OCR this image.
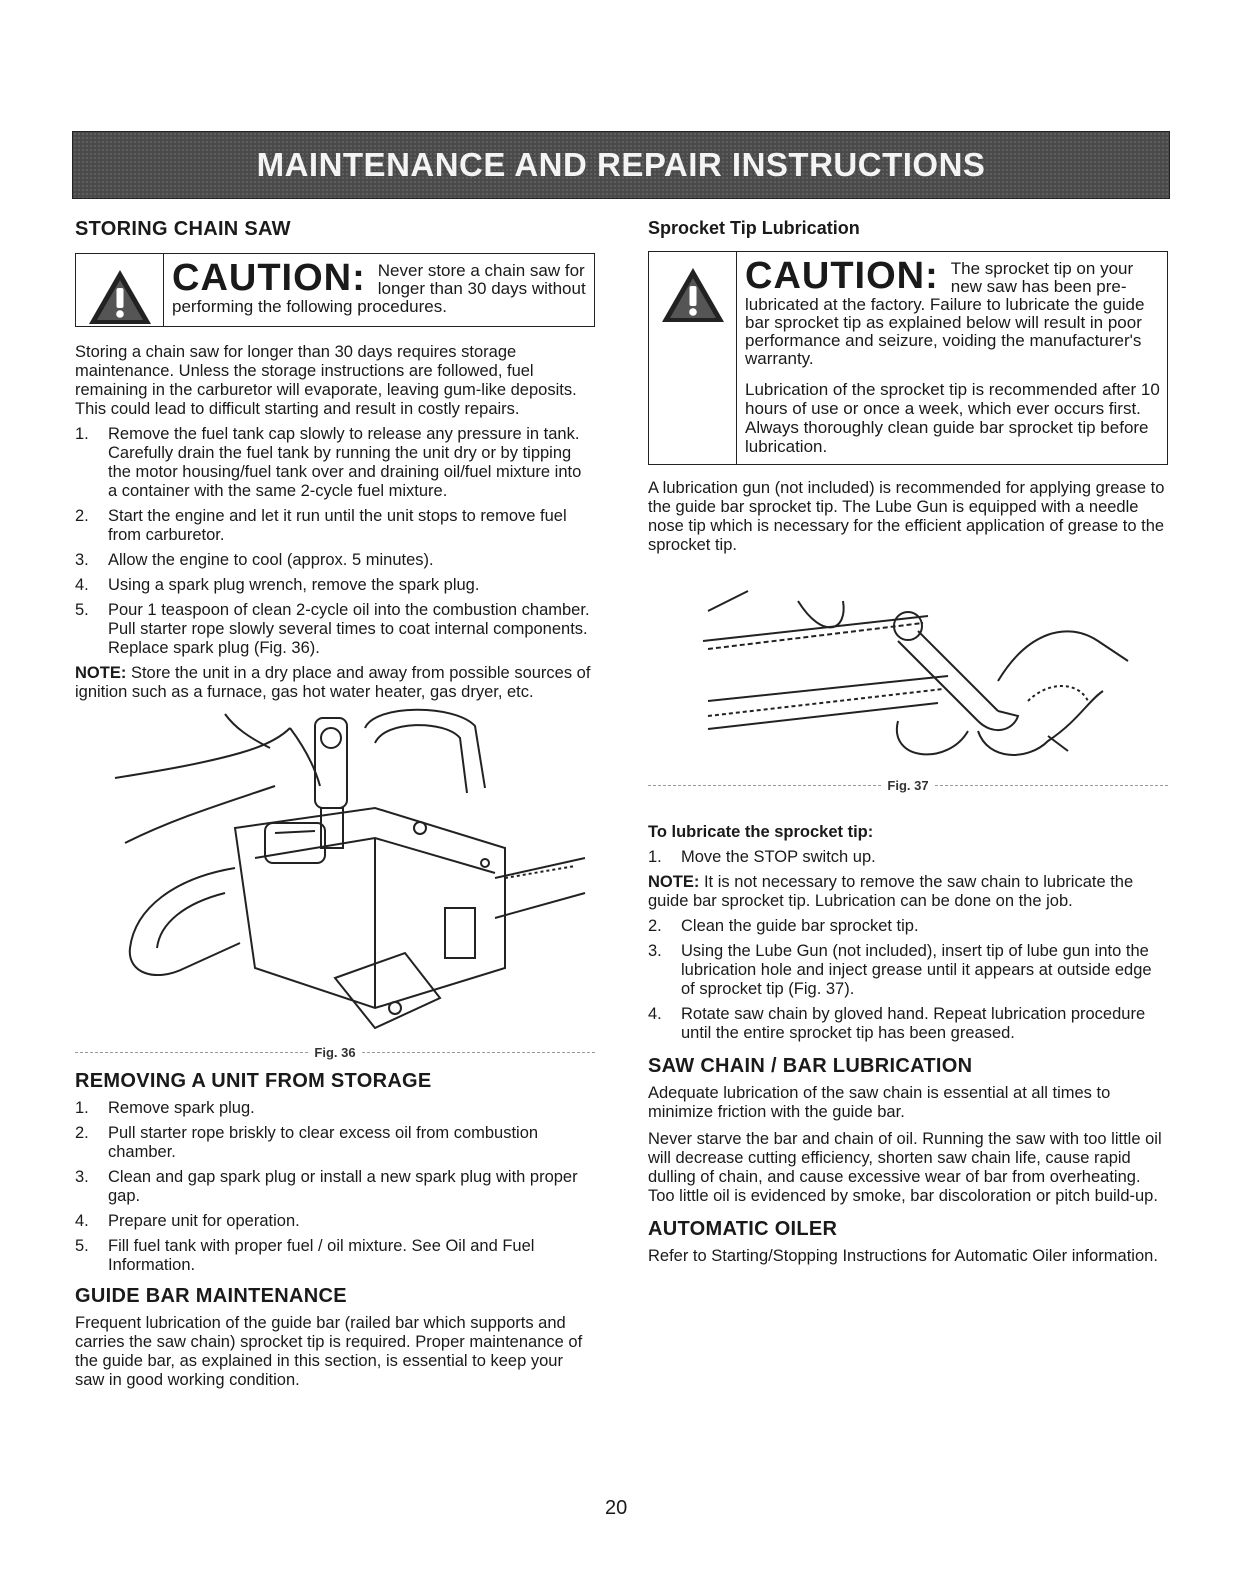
MAINTENANCE AND REPAIR INSTRUCTIONS
STORING CHAIN SAW
CAUTION: Never store a chain saw for longer than 30 days without performing the following procedures.

Storing a chain saw for longer than 30 days requires storage maintenance. Unless the storage instructions are followed, fuel remaining in the carburetor will evaporate, leaving gum-like deposits. This could lead to difficult starting and result in costly repairs.

1.	Remove the fuel tank cap slowly to release any pressure in tank. Carefully drain the fuel tank by running the unit dry or by tipping the motor housing/fuel tank over and draining oil/fuel mixture into a container with the same 2-cycle fuel mixture.
2.	Start the engine and let it run until the unit stops to remove fuel from carburetor.
3.	Allow the engine to cool (approx. 5 minutes).
4.	Using a spark plug wrench, remove the spark plug.
5.	Pour 1 teaspoon of clean 2-cycle oil into the combustion chamber. Pull starter rope slowly several times to coat internal components. Replace spark plug (Fig. 36).

NOTE: Store the unit in a dry place and away from possible sources of ignition such as a furnace, gas hot water heater, gas dryer, etc.

Fig. 36
REMOVING A UNIT FROM STORAGE
1.	Remove spark plug.
2.	Pull starter rope briskly to clear excess oil from combustion chamber.
3.	Clean and gap spark plug or install a new spark plug with proper gap.
4.	Prepare unit for operation.
5.	Fill fuel tank with proper fuel / oil mixture. See Oil and Fuel Information.
GUIDE BAR MAINTENANCE

Frequent lubrication of the guide bar (railed bar which supports and carries the saw chain) sprocket tip is required. Proper maintenance of the guide bar, as explained in this section, is essential to keep your saw in good working condition.

Sprocket Tip Lubrication
CAUTION: The sprocket tip on your new saw has been pre-lubricated at the factory. Failure to lubricate the guide bar sprocket tip as explained below will result in poor performance and seizure, voiding the manufacturer's warranty.
Lubrication of the sprocket tip is recommended after 10 hours of use or once a week, which ever occurs first. Always thoroughly clean guide bar sprocket tip before lubrication.

A lubrication gun (not included) is recommended for applying grease to the guide bar sprocket tip. The Lube Gun is equipped with a needle nose tip which is necessary for the efficient application of grease to the sprocket tip.

Fig. 37
To lubricate the sprocket tip:
1.	Move the STOP switch up.

NOTE: It is not necessary to remove the saw chain to lubricate the guide bar sprocket tip. Lubrication can be done on the job.

2.	Clean the guide bar sprocket tip.
3.	Using the Lube Gun (not included), insert tip of lube gun into the lubrication hole and inject grease until it appears at outside edge of sprocket tip (Fig. 37).
4.	Rotate saw chain by gloved hand. Repeat lubrication procedure until the entire sprocket tip has been greased.
SAW CHAIN / BAR LUBRICATION

Adequate lubrication of the saw chain is essential at all times to minimize friction with the guide bar.

Never starve the bar and chain of oil. Running the saw with too little oil will decrease cutting efficiency, shorten saw chain life, cause rapid dulling of chain, and cause excessive wear of bar from overheating. Too little oil is evidenced by smoke, bar discoloration or pitch build-up.

AUTOMATIC OILER

Refer to Starting/Stopping Instructions for Automatic Oiler information.

20
